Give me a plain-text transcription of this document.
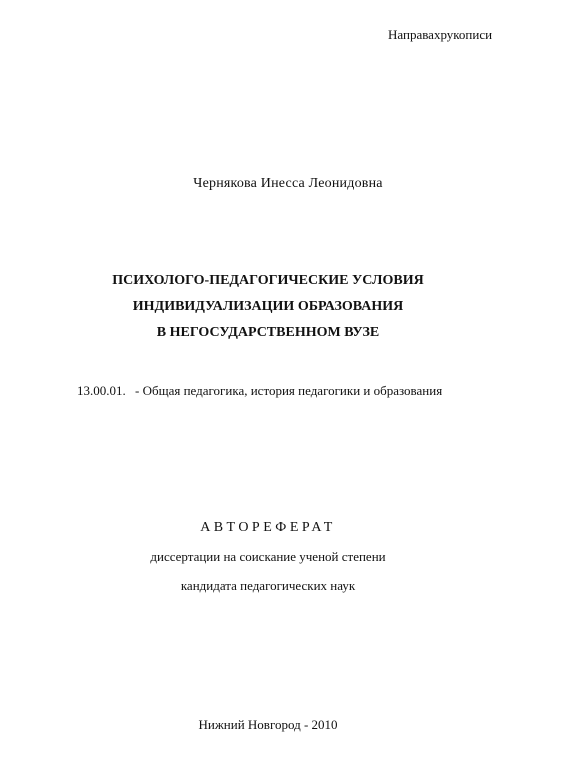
Направахрукописи
Чернякова Инесса Леонидовна
ПСИХОЛОГО-ПЕДАГОГИЧЕСКИЕ УСЛОВИЯ
ИНДИВИДУАЛИЗАЦИИ ОБРАЗОВАНИЯ
В НЕГОСУДАРСТВЕННОМ ВУЗЕ
13.00.01. - Общая педагогика, история педагогики и образования
АВТОРЕФЕРАТ
диссертации на соискание ученой степени
кандидата педагогических наук
Нижний Новгород - 2010
